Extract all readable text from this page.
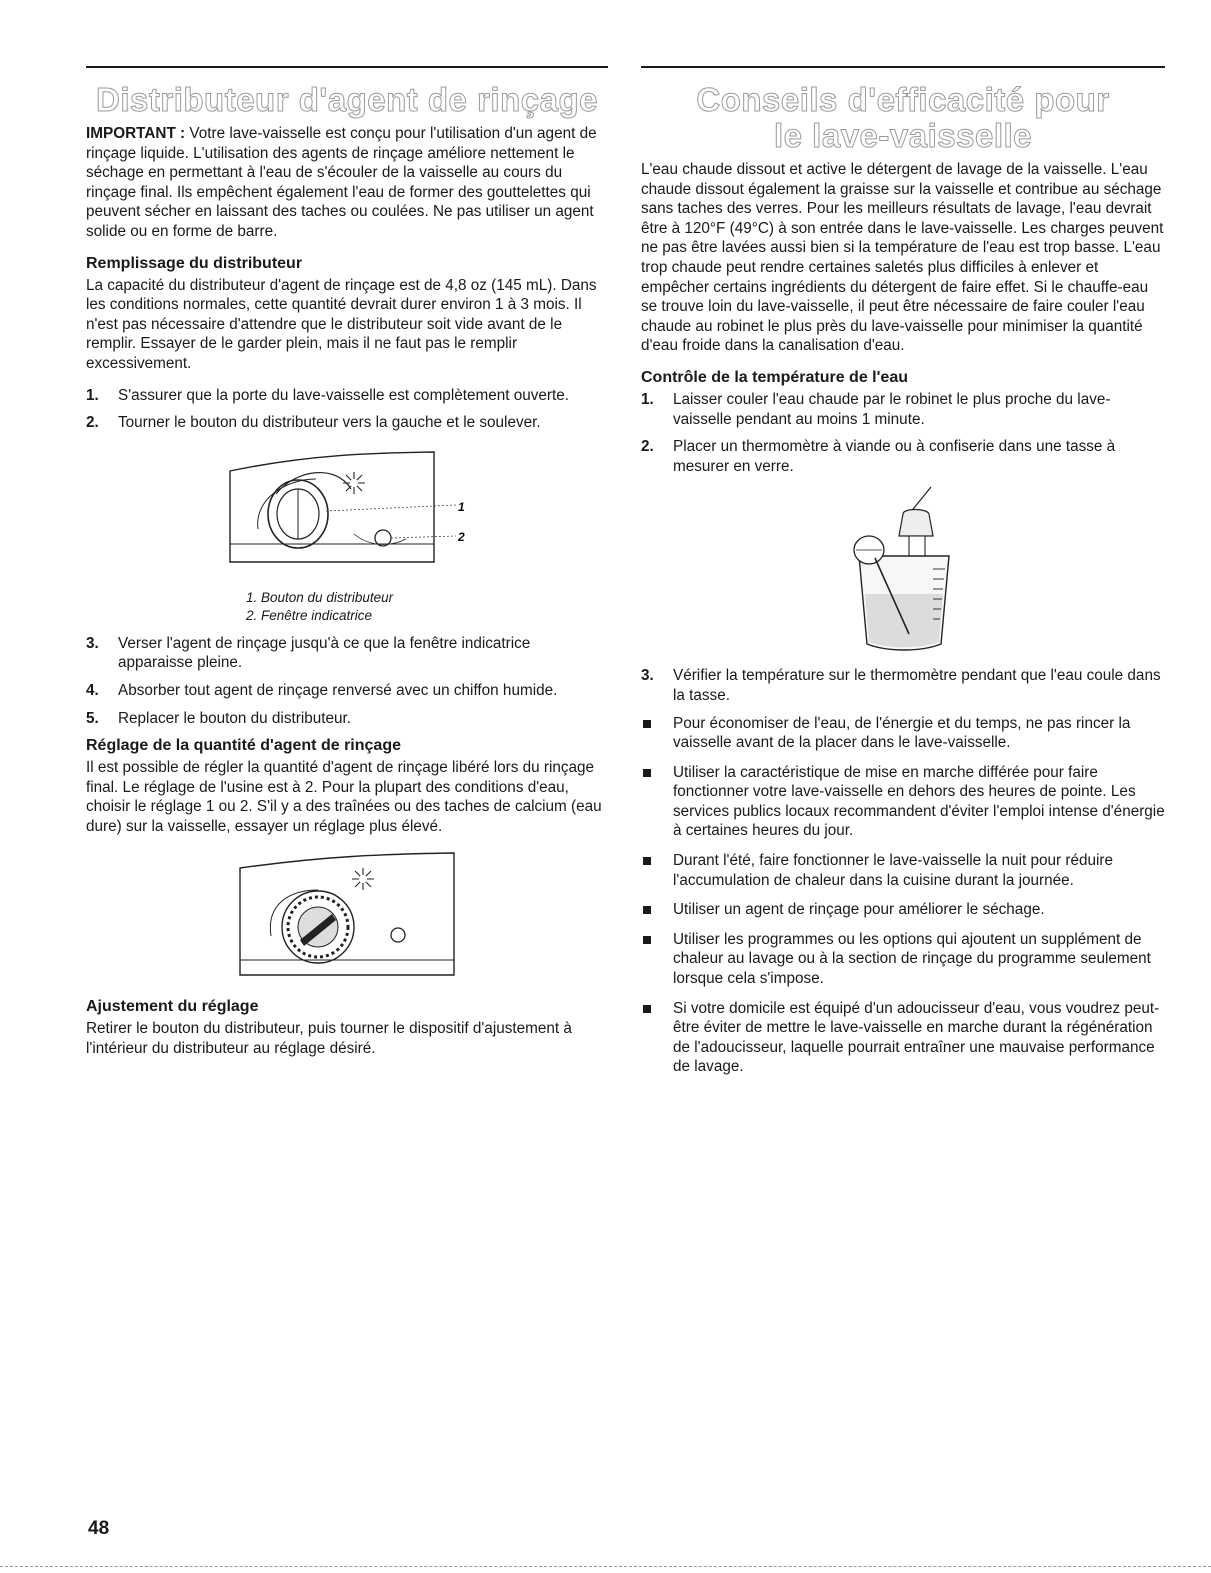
Distributeur d'agent de rinçage

IMPORTANT : Votre lave-vaisselle est conçu pour l'utilisation d'un agent de rinçage liquide. L'utilisation des agents de rinçage améliore nettement le séchage en permettant à l'eau de s'écouler de la vaisselle au cours du rinçage final. Ils empêchent également l'eau de former des gouttelettes qui peuvent sécher en laissant des taches ou coulées. Ne pas utiliser un agent solide ou en forme de barre.

Remplissage du distributeur

La capacité du distributeur d'agent de rinçage est de 4,8 oz (145 mL). Dans les conditions normales, cette quantité devrait durer environ 1 à 3 mois. Il n'est pas nécessaire d'attendre que le distributeur soit vide avant de le remplir. Essayer de le garder plein, mais il ne faut pas le remplir excessivement.

1. S'assurer que la porte du lave-vaisselle est complètement ouverte.
2. Tourner le bouton du distributeur vers la gauche et le soulever.
1
2
1. Bouton du distributeur
2. Fenêtre indicatrice
3. Verser l'agent de rinçage jusqu'à ce que la fenêtre indicatrice apparaisse pleine.
4. Absorber tout agent de rinçage renversé avec un chiffon humide.
5. Replacer le bouton du distributeur.
Réglage de la quantité d'agent de rinçage

Il est possible de régler la quantité d'agent de rinçage libéré lors du rinçage final. Le réglage de l'usine est à 2. Pour la plupart des conditions d'eau, choisir le réglage 1 ou 2. S'il y a des traînées ou des taches de calcium (eau dure) sur la vaisselle, essayer un réglage plus élevé.

Ajustement du réglage

Retirer le bouton du distributeur, puis tourner le dispositif d'ajustement à l'intérieur du distributeur au réglage désiré.

Conseils d'efficacité pour
le lave-vaisselle

L'eau chaude dissout et active le détergent de lavage de la vaisselle. L'eau chaude dissout également la graisse sur la vaisselle et contribue au séchage sans taches des verres. Pour les meilleurs résultats de lavage, l'eau devrait être à 120°F (49°C) à son entrée dans le lave-vaisselle. Les charges peuvent ne pas être lavées aussi bien si la température de l'eau est trop basse. L'eau trop chaude peut rendre certaines saletés plus difficiles à enlever et empêcher certains ingrédients du détergent de faire effet. Si le chauffe-eau se trouve loin du lave-vaisselle, il peut être nécessaire de faire couler l'eau chaude au robinet le plus près du lave-vaisselle pour minimiser la quantité d'eau froide dans la canalisation d'eau.

Contrôle de la température de l'eau
1. Laisser couler l'eau chaude par le robinet le plus proche du lave-vaisselle pendant au moins 1 minute.
2. Placer un thermomètre à viande ou à confiserie dans une tasse à mesurer en verre.
3. Vérifier la température sur le thermomètre pendant que l'eau coule dans la tasse.
Pour économiser de l'eau, de l'énergie et du temps, ne pas rincer la vaisselle avant de la placer dans le lave-vaisselle.
Utiliser la caractéristique de mise en marche différée pour faire fonctionner votre lave-vaisselle en dehors des heures de pointe. Les services publics locaux recommandent d'éviter l'emploi intense d'énergie à certaines heures du jour.
Durant l'été, faire fonctionner le lave-vaisselle la nuit pour réduire l'accumulation de chaleur dans la cuisine durant la journée.
Utiliser un agent de rinçage pour améliorer le séchage.
Utiliser les programmes ou les options qui ajoutent un supplément de chaleur au lavage ou à la section de rinçage du programme seulement lorsque cela s'impose.
Si votre domicile est équipé d'un adoucisseur d'eau, vous voudrez peut-être éviter de mettre le lave-vaisselle en marche durant la régénération de l'adoucisseur, laquelle pourrait entraîner une mauvaise performance de lavage.
48
